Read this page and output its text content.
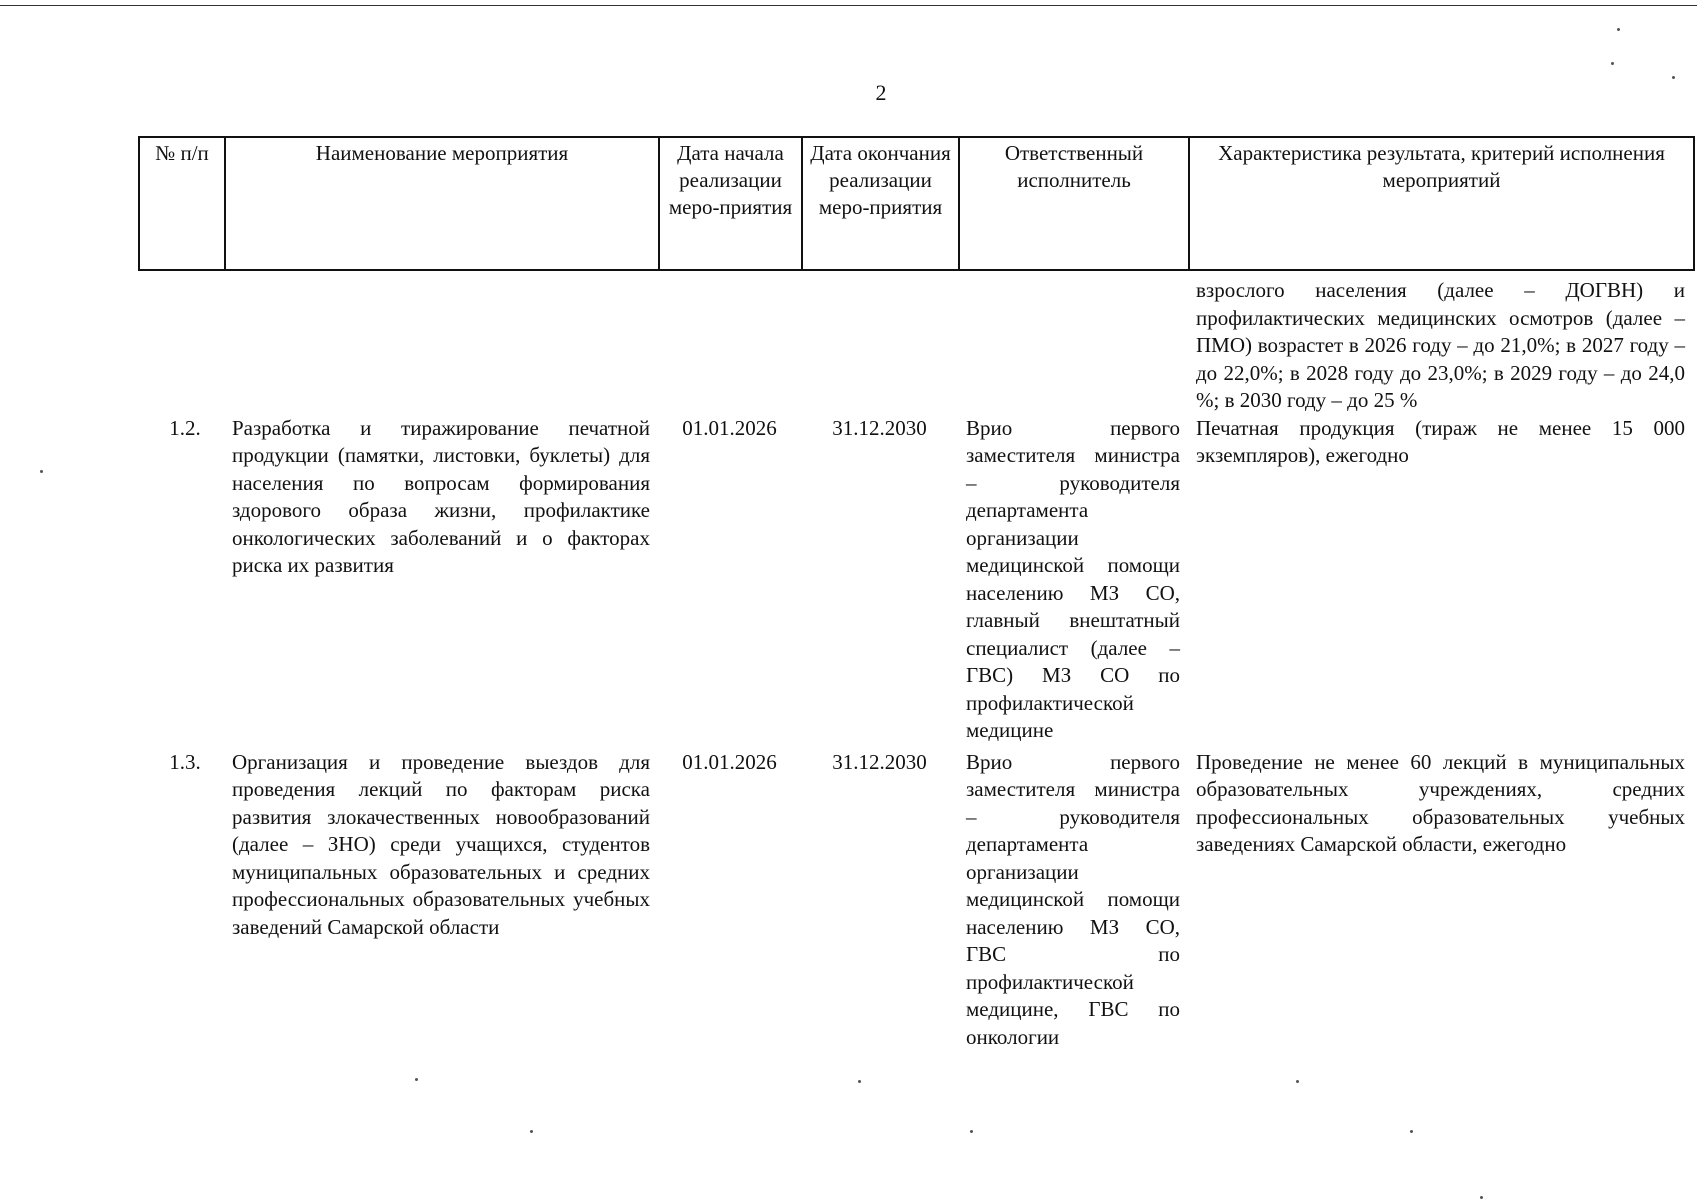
2
№ п/п	Наименование мероприятия	Дата начала реализации меро-приятия	Дата окончания реализации меро-приятия	Ответственный исполнитель	Характеристика результата, критерий исполнения мероприятий
					взрослого населения (далее – ДОГВН) и профилактических медицинских осмотров (далее – ПМО) возрастет в 2026 году – до 21,0%; в 2027 году – до 22,0%; в 2028 году до 23,0%; в 2029 году – до 24,0 %; в 2030 году – до 25 %
1.2.	Разработка и тиражирование печатной продукции (памятки, листовки, буклеты) для населения по вопросам формирования здорового образа жизни, профилактике онкологических заболеваний и о факторах риска их развития	01.01.2026	31.12.2030	Врио первого заместителя министра – руководителя департамента организации медицинской помощи населению МЗ СО, главный внештатный специалист (далее – ГВС) МЗ СО по профилактической медицине	Печатная продукция (тираж не менее 15 000 экземпляров), ежегодно
1.3.	Организация и проведение выездов для проведения лекций по факторам риска развития злокачественных новообразований (далее – ЗНО) среди учащихся, студентов муниципальных образовательных и средних профессиональных образовательных учебных заведений Самарской области	01.01.2026	31.12.2030	Врио первого заместителя министра – руководителя департамента организации медицинской помощи населению МЗ СО, ГВС по профилактической медицине, ГВС по онкологии	Проведение не менее 60 лекций в муниципальных образовательных учреждениях, средних профессиональных образовательных учебных заведениях Самарской области, ежегодно
